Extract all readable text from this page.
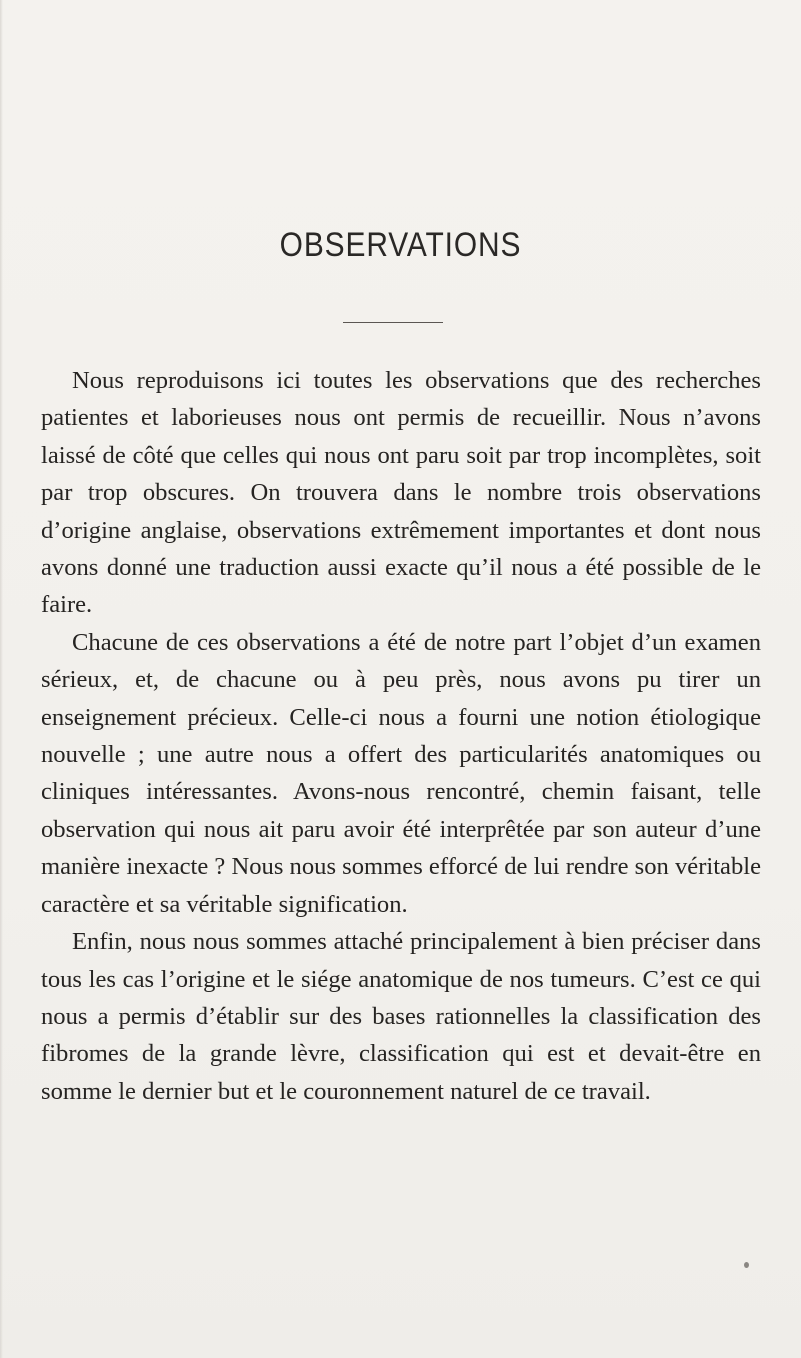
OBSERVATIONS

Nous reproduisons ici toutes les observations que des recherches patientes et laborieuses nous ont permis de recueillir. Nous n’avons laissé de côté que celles qui nous ont paru soit par trop incomplètes, soit par trop obscures. On trouvera dans le nombre trois observations d’origine anglaise, observations extrêmement importantes et dont nous avons donné une traduction aussi exacte qu’il nous a été possible de le faire.

Chacune de ces observations a été de notre part l’objet d’un examen sérieux, et, de chacune ou à peu près, nous avons pu tirer un enseignement précieux. Celle-ci nous a fourni une notion étiologique nouvelle ; une autre nous a offert des particularités anatomiques ou cliniques intéressantes. Avons-nous rencontré, chemin faisant, telle observation qui nous ait paru avoir été interprêtée par son auteur d’une manière inexacte ? Nous nous sommes efforcé de lui rendre son véritable caractère et sa véritable signification.

Enfin, nous nous sommes attaché principalement à bien préciser dans tous les cas l’origine et le siége anatomique de nos tumeurs. C’est ce qui nous a permis d’établir sur des bases rationnelles la classification des fibromes de la grande lèvre, classification qui est et devait-être en somme le dernier but et le couronnement naturel de ce travail.
